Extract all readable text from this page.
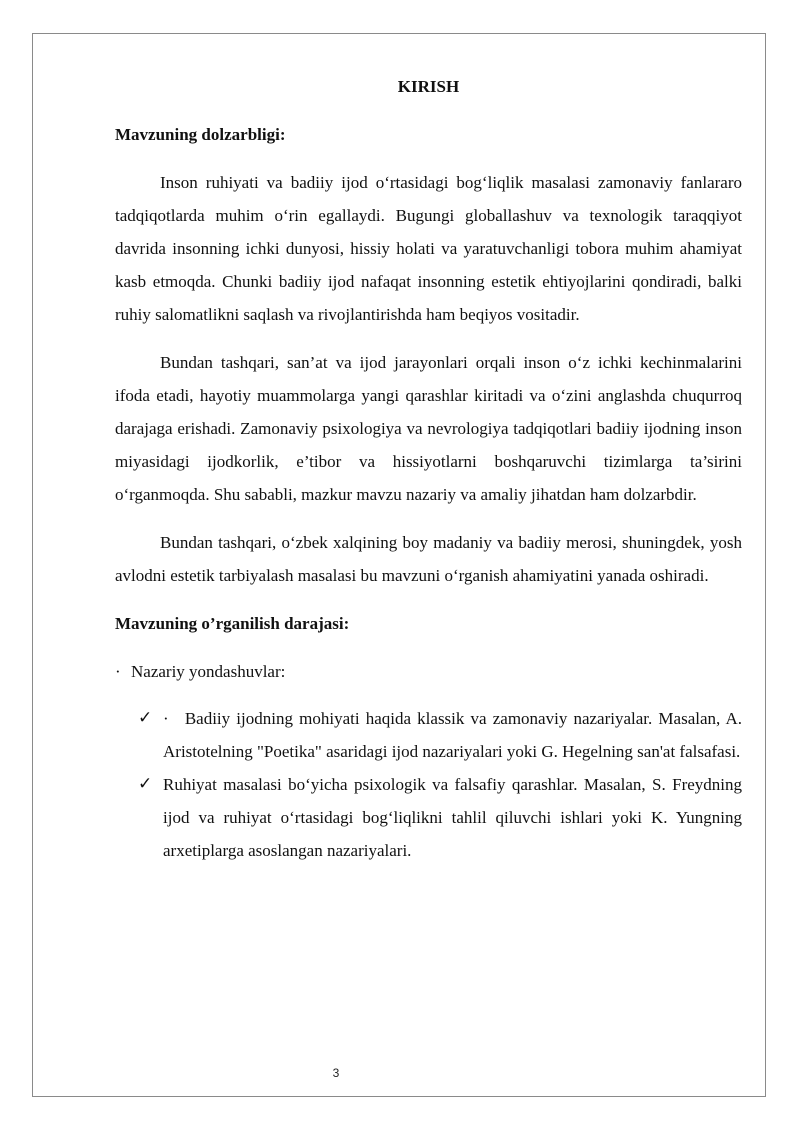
KIRISH
Mavzuning dolzarbligi:

Inson ruhiyati va badiiy ijod o‘rtasidagi bog‘liqlik masalasi zamonaviy fanlararo tadqiqotlarda muhim o‘rin egallaydi. Bugungi globallashuv va texnologik taraqqiyot davrida insonning ichki dunyosi, hissiy holati va yaratuvchanligi tobora muhim ahamiyat kasb etmoqda. Chunki badiiy ijod nafaqat insonning estetik ehtiyojlarini qondiradi, balki ruhiy salomatlikni saqlash va rivojlantirishda ham beqiyos vositadir.

Bundan tashqari, san’at va ijod jarayonlari orqali inson o‘z ichki kechinmalarini ifoda etadi, hayotiy muammolarga yangi qarashlar kiritadi va o‘zini anglashda chuqurroq darajaga erishadi. Zamonaviy psixologiya va nevrologiya tadqiqotlari badiiy ijodning inson miyasidagi ijodkorlik, e’tibor va hissiyotlarni boshqaruvchi tizimlarga ta’sirini o‘rganmoqda. Shu sababli, mazkur mavzu nazariy va amaliy jihatdan ham dolzarbdir.

Bundan tashqari, o‘zbek xalqining boy madaniy va badiiy merosi, shuningdek, yosh avlodni estetik tarbiyalash masalasi bu mavzuni o‘rganish ahamiyatini yanada oshiradi.

Mavzuning o’rganilish darajasi:
· Nazariy yondashuvlar:
✓ · Badiiy ijodning mohiyati haqida klassik va zamonaviy nazariyalar. Masalan, A. Aristotelning "Poetika" asaridagi ijod nazariyalari yoki G. Hegelning san'at falsafasi.
✓ Ruhiyat masalasi bo‘yicha psixologik va falsafiy qarashlar. Masalan, S. Freydning ijod va ruhiyat o‘rtasidagi bog‘liqlikni tahlil qiluvchi ishlari yoki K. Yungning arxetiplarga asoslangan nazariyalari.
3
